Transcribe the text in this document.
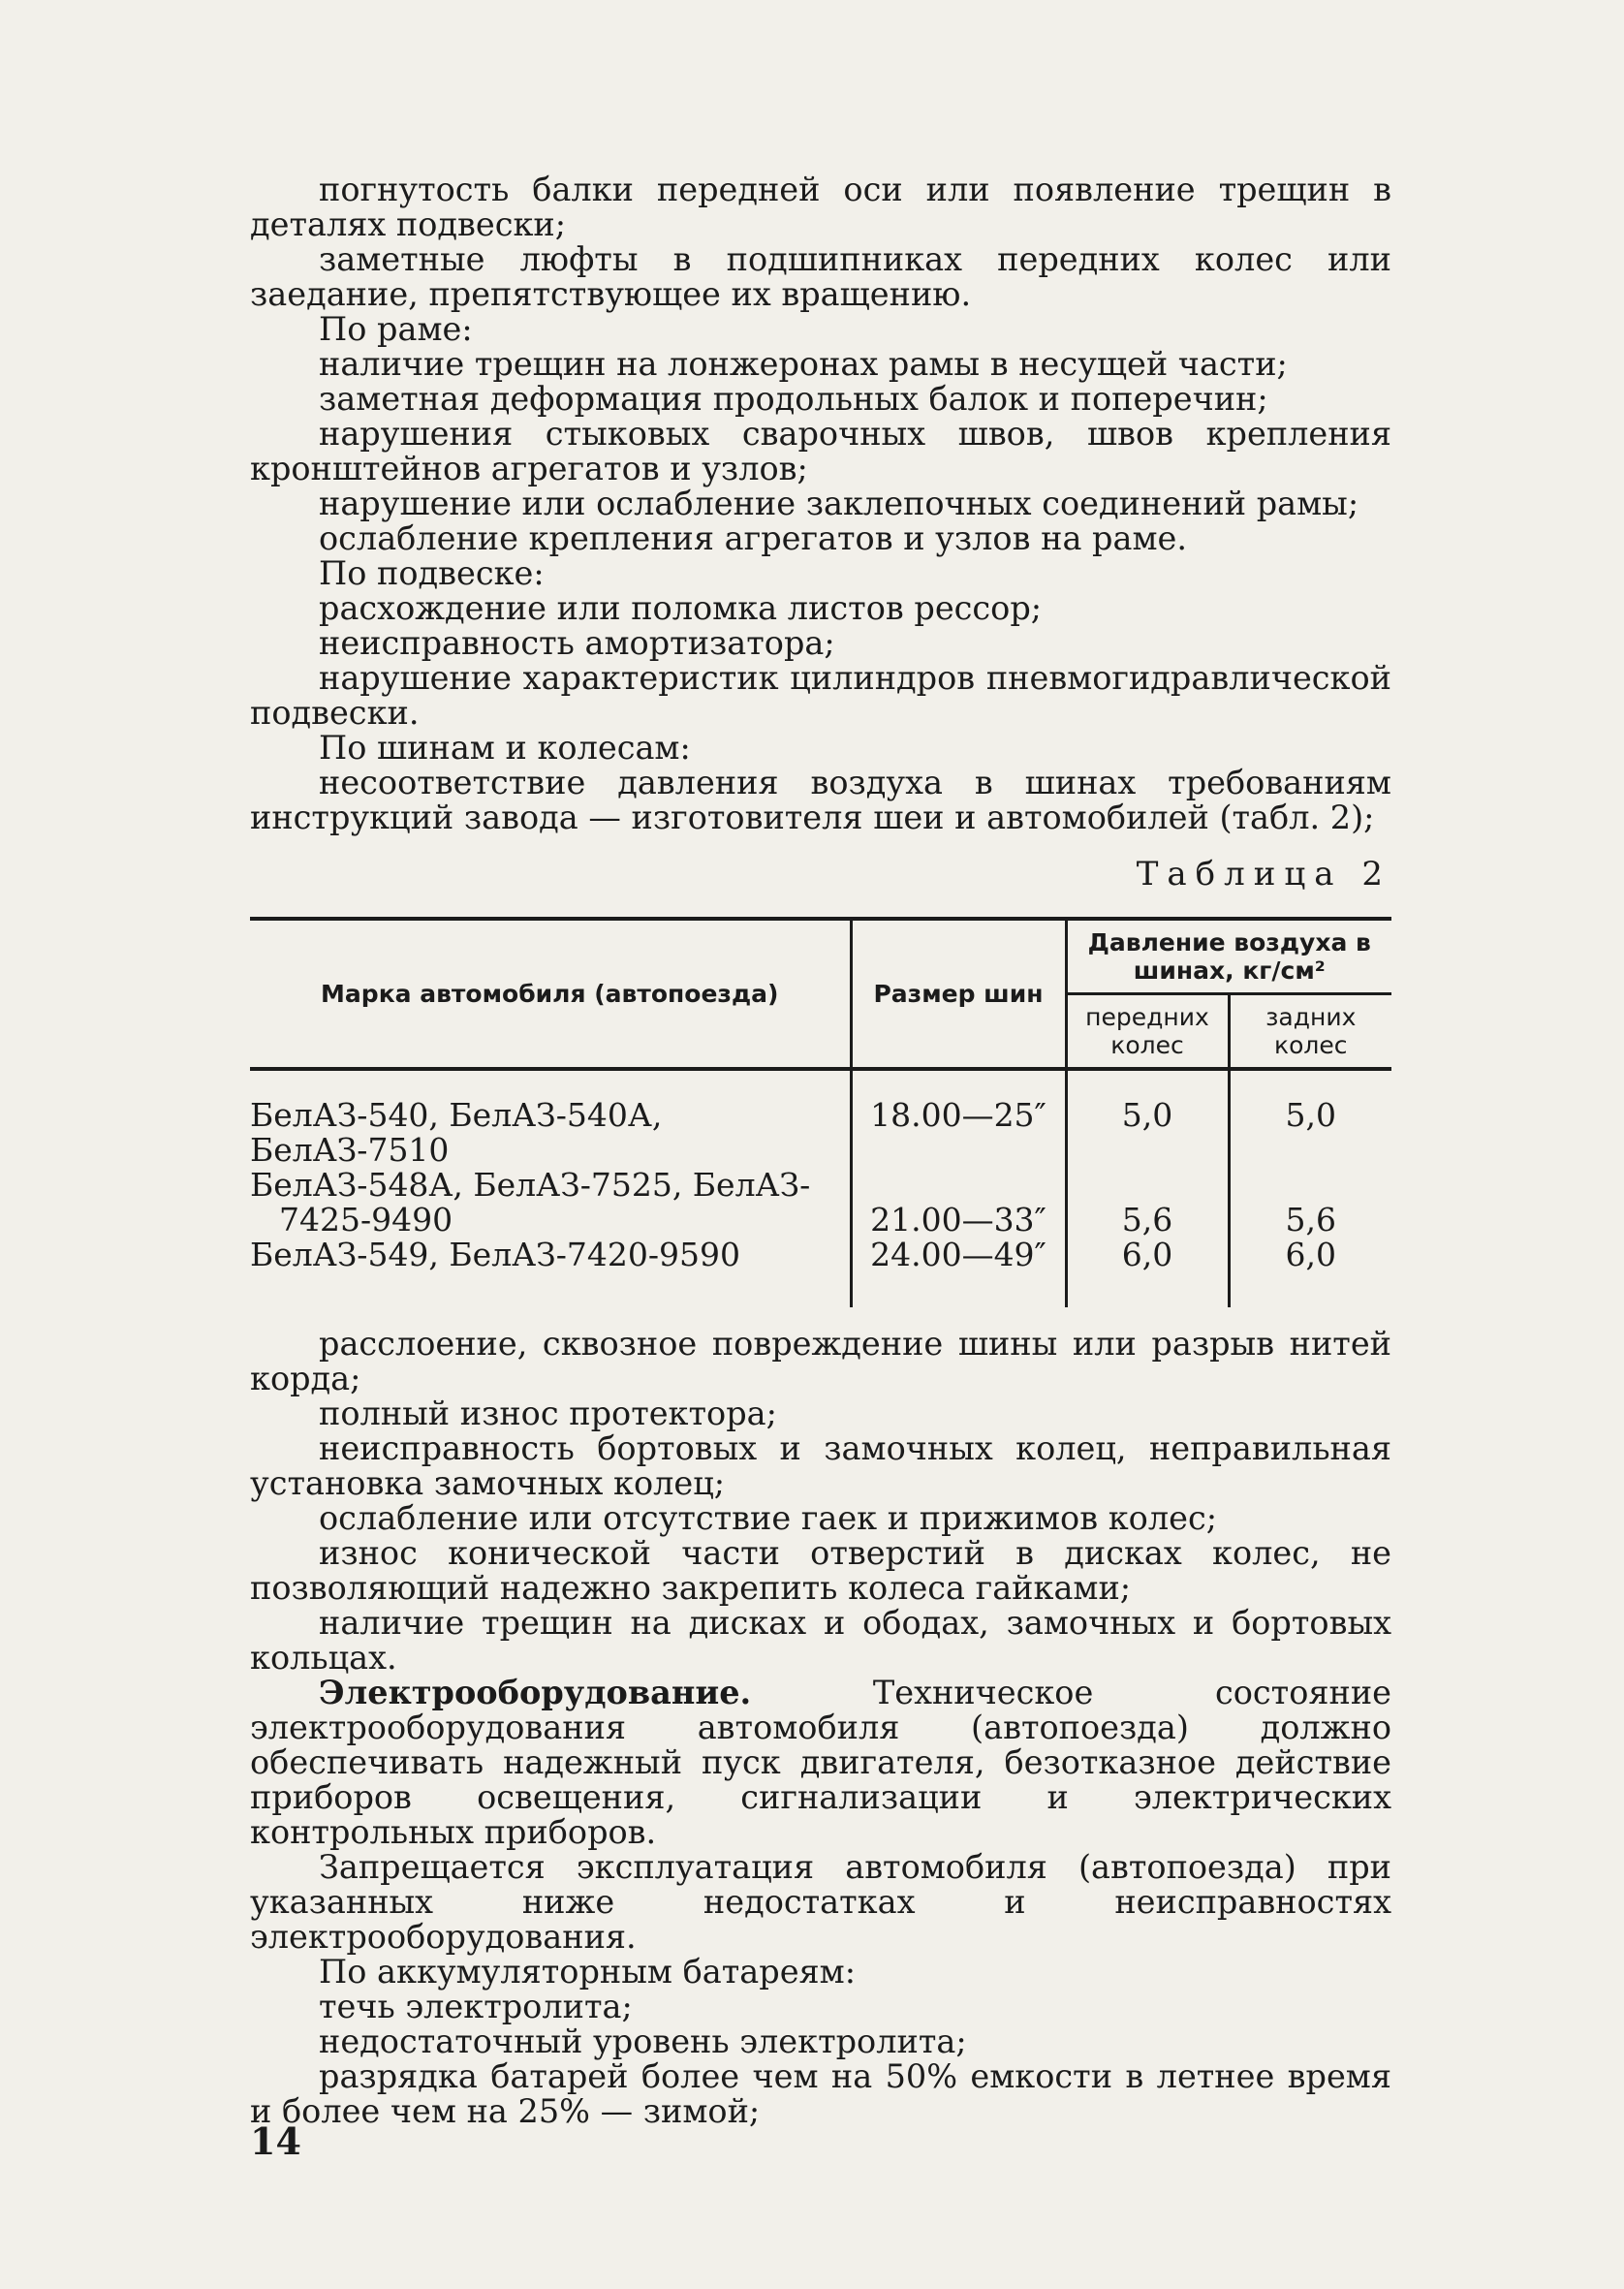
погнутость балки передней оси или появление трещин в деталях подвески;

заметные люфты в подшипниках передних колес или заедание, препятствующее их вращению.

По раме:

наличие трещин на лонжеронах рамы в несущей части;

заметная деформация продольных балок и поперечин;

нарушения стыковых сварочных швов, швов крепления кронштейнов агрегатов и узлов;

нарушение или ослабление заклепочных соединений рамы;

ослабление крепления агрегатов и узлов на раме.

По подвеске:

расхождение или поломка листов рессор;

неисправность амортизатора;

нарушение характеристик цилиндров пневмогидравлической подвески.

По шинам и колесам:

несоответствие давления воздуха в шинах требованиям инструкций завода — изготовителя шеи и автомобилей (табл. 2);

Таблица 2
Марка автомобиля (автопоезда)	Размер шин	Давление воздуха в шинах, кг/см²	
		передних колес	задних колес

БелАЗ-540, БелАЗ-540А, БелАЗ-7510	18.00—25″	5,0	5,0

БелАЗ-548А, БелАЗ-7525, БелАЗ-
7425-9490	21.00—33″	5,6	5,6

БелАЗ-549, БелАЗ-7420-9590	24.00—49″	6,0	6,0

расслоение, сквозное повреждение шины или разрыв нитей корда;

полный износ протектора;

неисправность бортовых и замочных колец, неправильная установка замочных колец;

ослабление или отсутствие гаек и прижимов колес;

износ конической части отверстий в дисках колес, не позволяющий надежно закрепить колеса гайками;

наличие трещин на дисках и ободах, замочных и бортовых кольцах.

Электрооборудование. Техническое состояние электрооборудования автомобиля (автопоезда) должно обеспечивать надежный пуск двигателя, безотказное действие приборов освещения, сигнализации и электрических контрольных приборов.

Запрещается эксплуатация автомобиля (автопоезда) при указанных ниже недостатках и неисправностях электрооборудования.

По аккумуляторным батареям:

течь электролита;

недостаточный уровень электролита;

разрядка батарей более чем на 50% емкости в летнее время и более чем на 25% — зимой;

14
